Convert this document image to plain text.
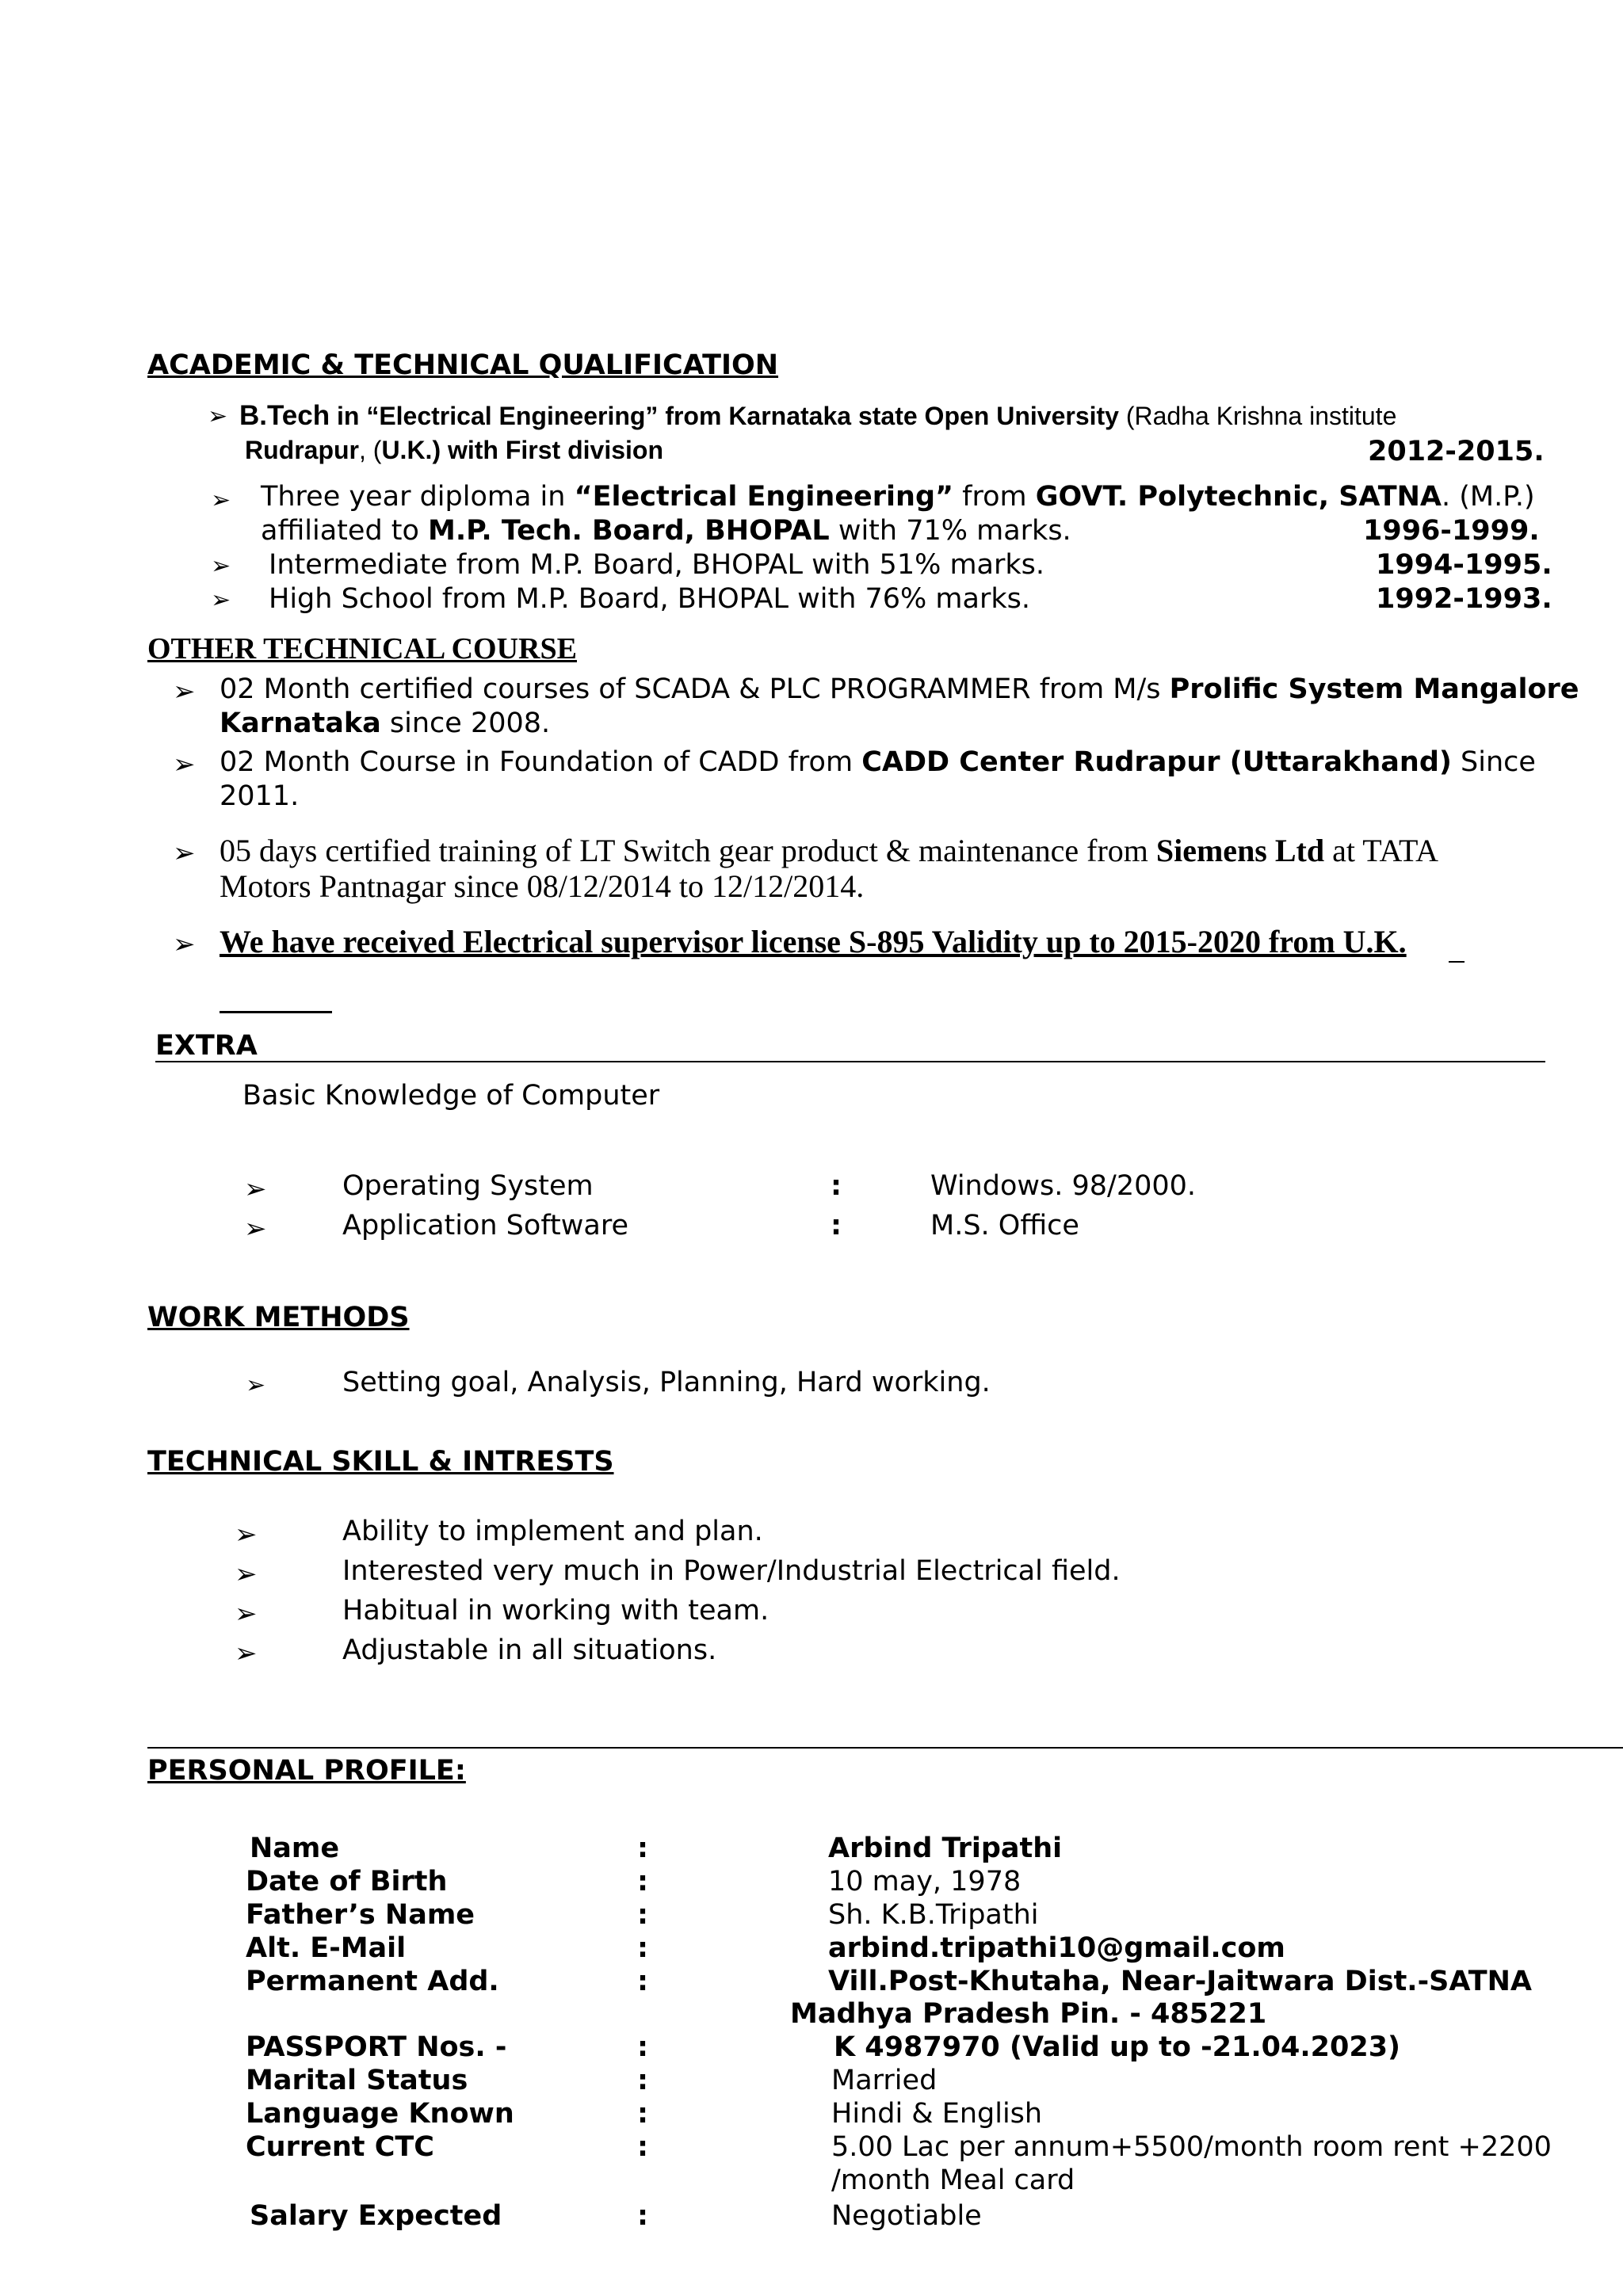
ACADEMIC & TECHNICAL QUALIFICATION
➢ B.Tech in “Electrical Engineering” from Karnataka state Open University (Radha Krishna institute
Rudrapur, (U.K.) with First division	2012-2015.
➢ Three year diploma in “Electrical Engineering” from GOVT. Polytechnic, SATNA. (M.P.)
affiliated to M.P. Tech. Board, BHOPAL with 71% marks.	1996-1999.
➢ Intermediate from M.P. Board, BHOPAL with 51% marks.	1994-1995.
➢ High School from M.P. Board, BHOPAL with 76% marks.	1992-1993.
OTHER TECHNICAL COURSE
➢ 02 Month certified courses of SCADA & PLC PROGRAMMER from M/s Prolific System Mangalore
Karnataka since 2008.
➢ 02 Month Course in Foundation of CADD from CADD Center Rudrapur (Uttarakhand) Since
2011.
➢ 05 days certified training of LT Switch gear product & maintenance from Siemens Ltd at TATA
Motors Pantnagar since 08/12/2014 to 12/12/2014.
➢ We have received Electrical supervisor license S-895 Validity up to 2015-2020 from U.K.
EXTRA
Basic Knowledge of Computer
➢	Operating System	:	Windows. 98/2000.
➢	Application Software	:	M.S. Office
WORK METHODS
➢	Setting goal, Analysis, Planning, Hard working.
TECHNICAL SKILL & INTRESTS
➢	Ability to implement and plan.
➢	Interested very much in Power/Industrial Electrical field.
➢	Habitual in working with team.
➢	Adjustable in all situations.
PERSONAL PROFILE:
Name	:	Arbind Tripathi
Date of Birth	:	10 may, 1978
Father’s Name	:	Sh. K.B.Tripathi
Alt. E-Mail	:	arbind.tripathi10@gmail.com
Permanent Add.	:	Vill.Post-Khutaha, Near-Jaitwara Dist.-SATNA
Madhya Pradesh Pin. - 485221
PASSPORT Nos. -	:	K 4987970 (Valid up to -21.04.2023)
Marital Status	:	Married
Language Known	:	Hindi & English
Current CTC	:	5.00 Lac per annum+5500/month room rent +2200
/month Meal card
Salary Expected	:	Negotiable
